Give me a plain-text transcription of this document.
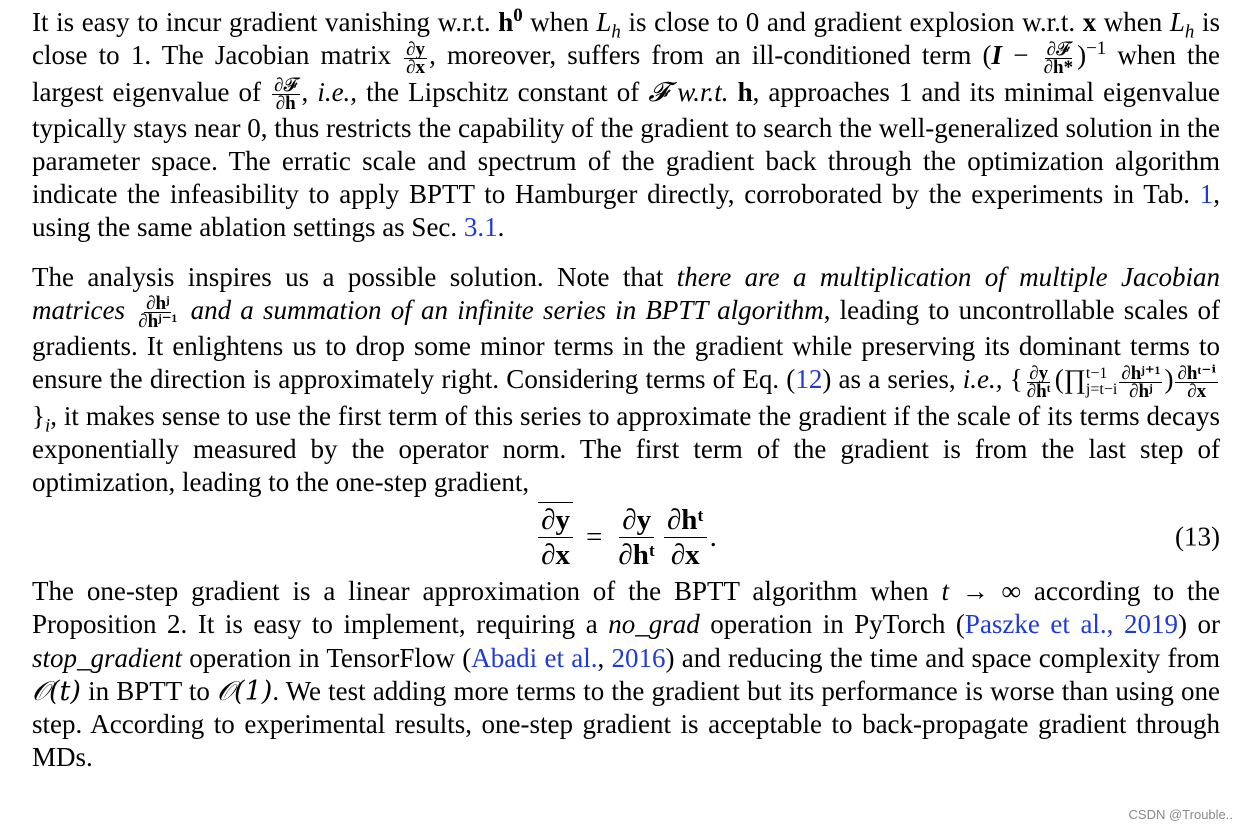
It is easy to incur gradient vanishing w.r.t. $h^0$ when $L_h$ is close to 0 and gradient explosion w.r.t. x when $L_h$ is close to 1. The Jacobian matrix $\frac{\partial y}{\partial x}$ , moreover, suffers from an ill-conditioned term $(I - \frac{\text{∂𝓕}}{\partial h*} )^{-1}$ when the largest eigenvalue of $\frac{\text{∂𝓕}}{\partial h}$ , i.e., the Lipschitz constant of 𝓕 w.r.t. h, approaches 1 and its minimal eigenvalue typically stays near 0, thus restricts the capability of the gradient to search the well-generalized solution in the parameter space. The erratic scale and spectrum of the gradient back through the optimization algorithm indicate the infeasibility to apply BPTT to Hamburger directly, corroborated by the experiments in Tab. 1, using the same ablation settings as Sec. 3.1.

The analysis inspires us a possible solution. Note that there are a multiplication of multiple Jacobian matrices $\frac{\text{∂hʲ}}{\text{∂hʲ⁻¹}}$ and a summation of an infinite series in BPTT algorithm, leading to uncontrollable scales of gradients. It enlightens us to drop some minor terms in the gradient while preserving its dominant terms to ensure the direction is approximately right. Considering terms of Eq. (12) as a series, i.e., { $\frac{\partial y}{\text{∂hᵗ}}$ (∏ t−1
$j=t-i \frac{\text{∂hʲ⁺¹}}{\text{∂hʲ}}$ ) $\frac{\text{∂hᵗ⁻ⁱ}}{\partial x}$
}$_i$, it makes sense to use the first term of this series to approximate the gradient if the scale of its terms decays exponentially measured by the operator norm. The first term of the gradient is from the last step of optimization, leading to the one-step gradient,

$\frac{\partial y}{\partial x} = \frac{\partial y}{\text{∂hᵗ}} \frac{\text{∂hᵗ}}{\partial x}$ .	(13)

The one-step gradient is a linear approximation of the BPTT algorithm when t → ∞ according to the Proposition 2. It is easy to implement, requiring a no_grad operation in PyTorch (Paszke et al., 2019) or stop_gradient operation in TensorFlow (Abadi et al., 2016) and reducing the time and space complexity from 𝒪(t) in BPTT to 𝒪(1). We test adding more terms to the gradient but its performance is worse than using one step. According to experimental results, one-step gradient is acceptable to back-propagate gradient through MDs.

CSDN @Trouble..
